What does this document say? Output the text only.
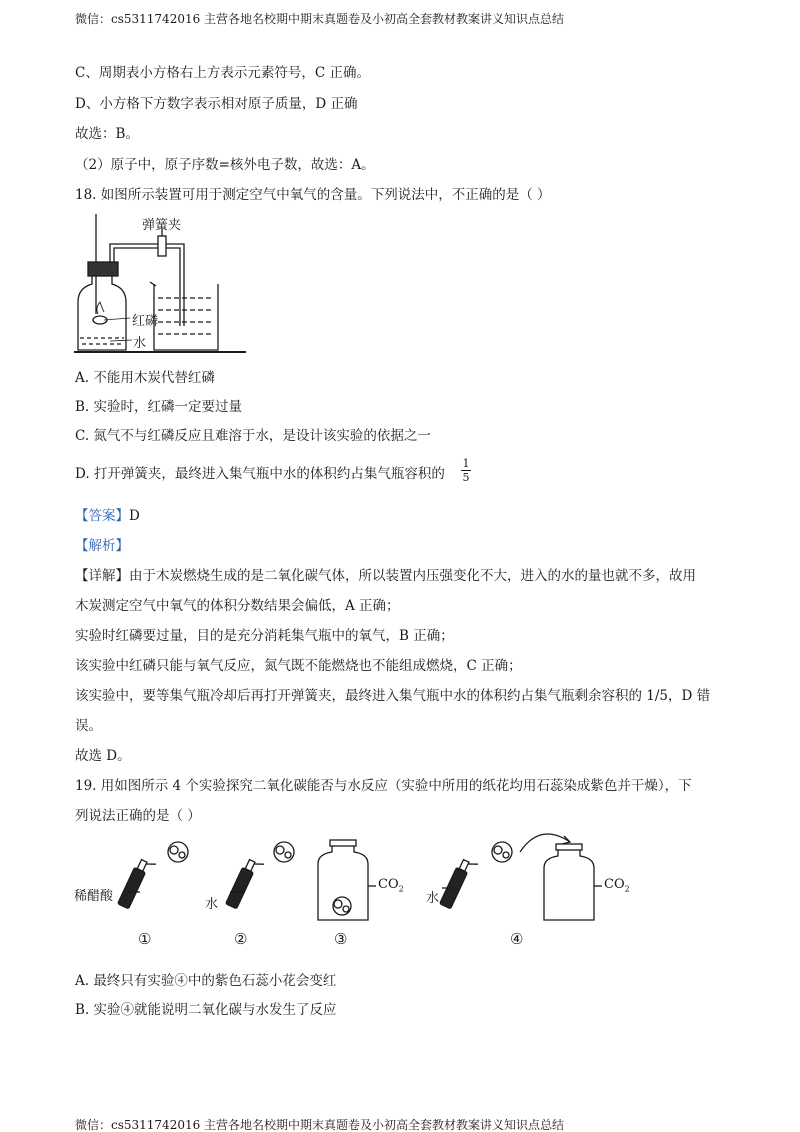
微信：cs5311742016 主营各地名校期中期末真题卷及小初高全套教材教案讲义知识点总结
C、周期表小方格右上方表示元素符号，C 正确。
D、小方格下方数字表示相对原子质量，D 正确
故选：B。
（2）原子中，原子序数=核外电子数，故选：A。
18. 如图所示装置可用于测定空气中氧气的含量。下列说法中，不正确的是（ ）
弹簧夹
红磷
水
A. 不能用木炭代替红磷
B. 实验时，红磷一定要过量
C. 氮气不与红磷反应且难溶于水，是设计该实验的依据之一
D. 打开弹簧夹，最终进入集气瓶中水的体积约占集气瓶容积的
1
5
【答案】D
【解析】
【详解】由于木炭燃烧生成的是二氧化碳气体，所以装置内压强变化不大，进入的水的量也就不多，故用
木炭测定空气中氧气的体积分数结果会偏低，A 正确；
实验时红磷要过量，目的是充分消耗集气瓶中的氧气，B 正确；
该实验中红磷只能与氧气反应，氮气既不能燃烧也不能组成燃烧，C 正确；
该实验中，要等集气瓶冷却后再打开弹簧夹，最终进入集气瓶中水的体积约占集气瓶剩余容积的 1/5，D 错
误。
故选 D。
19. 用如图所示 4 个实验探究二氧化碳能否与水反应（实验中所用的纸花均用石蕊染成紫色并干燥），下
列说法正确的是（ ）
稀醋酸
水
$CO_2$
水
$CO_2$
①	②	③	④
A. 最终只有实验④中的紫色石蕊小花会变红
B. 实验④就能说明二氧化碳与水发生了反应
微信：cs5311742016 主营各地名校期中期末真题卷及小初高全套教材教案讲义知识点总结
